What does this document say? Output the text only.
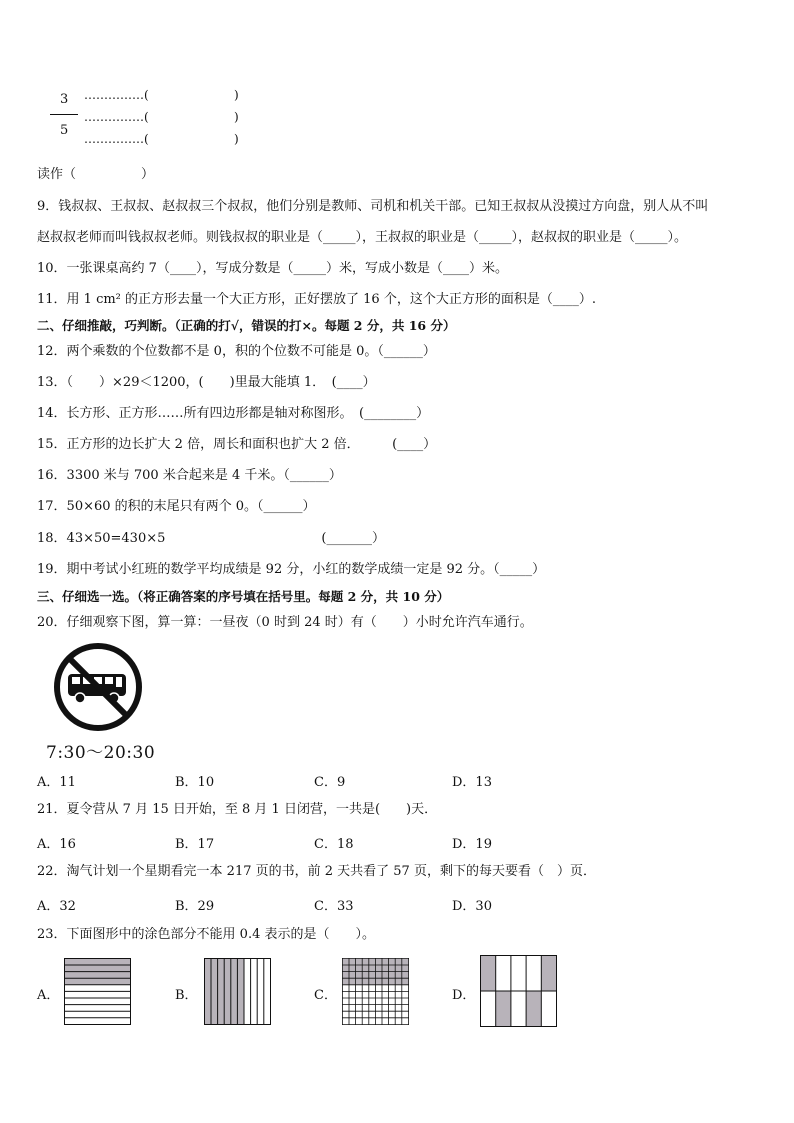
3
5
……………(	)
……………(	)
……………(	)
读作（　　　　　）
9．钱叔叔、王叔叔、赵叔叔三个叔叔，他们分别是教师、司机和机关干部。已知王叔叔从没摸过方向盘，别人从不叫
赵叔叔老师而叫钱叔叔老师。则钱叔叔的职业是（_____），王叔叔的职业是（_____），赵叔叔的职业是（_____）。
10．一张课桌高约 7（____），写成分数是（_____）米，写成小数是（____）米。
11．用 1 cm² 的正方形去量一个大正方形，正好摆放了 16 个，这个大正方形的面积是（____）.
二、仔细推敲，巧判断。（正确的打√，错误的打×。每题 2 分，共 16 分）
12．两个乘数的个位数都不是 0，积的个位数不可能是 0。（______）
13．（　　）×29＜1200，(　　)里最大能填 1．　(____）
14．长方形、正方形……所有四边形都是轴对称图形。　(________）
15．正方形的边长扩大 2 倍，周长和面积也扩大 2 倍．　　　(____）
16．3300 米与 700 米合起来是 4 千米。（______）
17．50×60 的积的末尾只有两个 0。（______）
18．43×50=430×5　　　　　　　　　　　　(_______）
19．期中考试小红班的数学平均成绩是 92 分，小红的数学成绩一定是 92 分。（_____）
三、仔细选一选。（将正确答案的序号填在括号里。每题 2 分，共 10 分）
20．仔细观察下图，算一算：一昼夜（0 时到 24 时）有（　　）小时允许汽车通行。
7:30～20:30
A．11	B．10	C．9	D．13
21．夏令营从 7 月 15 日开始，至 8 月 1 日闭营，一共是(　　)天．
A．16	B．17	C．18	D．19
22．淘气计划一个星期看完一本 217 页的书，前 2 天共看了 57 页，剩下的每天要看（　）页．
A．32	B．29	C．33	D．30
23．下面图形中的涂色部分不能用 0.4 表示的是（　　）。
A．	B．	C．	D．
